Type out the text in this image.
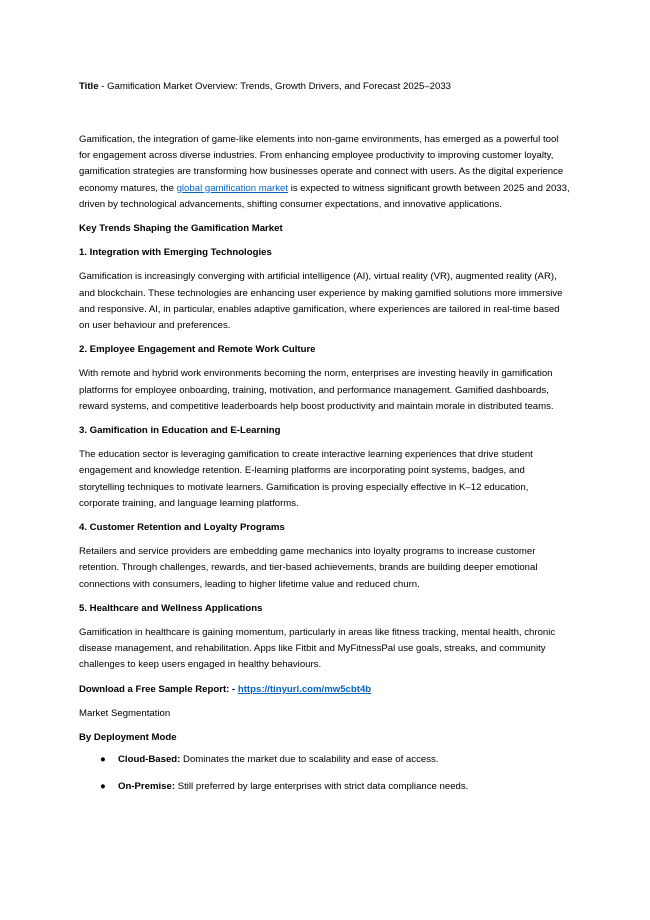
Title - Gamification Market Overview: Trends, Growth Drivers, and Forecast 2025–2033

Gamification, the integration of game-like elements into non-game environments, has emerged as a powerful tool for engagement across diverse industries. From enhancing employee productivity to improving customer loyalty, gamification strategies are transforming how businesses operate and connect with users. As the digital experience economy matures, the global gamification market is expected to witness significant growth between 2025 and 2033, driven by technological advancements, shifting consumer expectations, and innovative applications.

Key Trends Shaping the Gamification Market

1. Integration with Emerging Technologies

Gamification is increasingly converging with artificial intelligence (AI), virtual reality (VR), augmented reality (AR), and blockchain. These technologies are enhancing user experience by making gamified solutions more immersive and responsive. AI, in particular, enables adaptive gamification, where experiences are tailored in real-time based on user behaviour and preferences.

2. Employee Engagement and Remote Work Culture

With remote and hybrid work environments becoming the norm, enterprises are investing heavily in gamification platforms for employee onboarding, training, motivation, and performance management. Gamified dashboards, reward systems, and competitive leaderboards help boost productivity and maintain morale in distributed teams.

3. Gamification in Education and E-Learning

The education sector is leveraging gamification to create interactive learning experiences that drive student engagement and knowledge retention. E-learning platforms are incorporating point systems, badges, and storytelling techniques to motivate learners. Gamification is proving especially effective in K–12 education, corporate training, and language learning platforms.

4. Customer Retention and Loyalty Programs

Retailers and service providers are embedding game mechanics into loyalty programs to increase customer retention. Through challenges, rewards, and tier-based achievements, brands are building deeper emotional connections with consumers, leading to higher lifetime value and reduced churn.

5. Healthcare and Wellness Applications

Gamification in healthcare is gaining momentum, particularly in areas like fitness tracking, mental health, chronic disease management, and rehabilitation. Apps like Fitbit and MyFitnessPal use goals, streaks, and community challenges to keep users engaged in healthy behaviours.

Download a Free Sample Report: - https://tinyurl.com/mw5cbt4b

Market Segmentation

By Deployment Mode

● Cloud-Based: Dominates the market due to scalability and ease of access.
● On-Premise: Still preferred by large enterprises with strict data compliance needs.
